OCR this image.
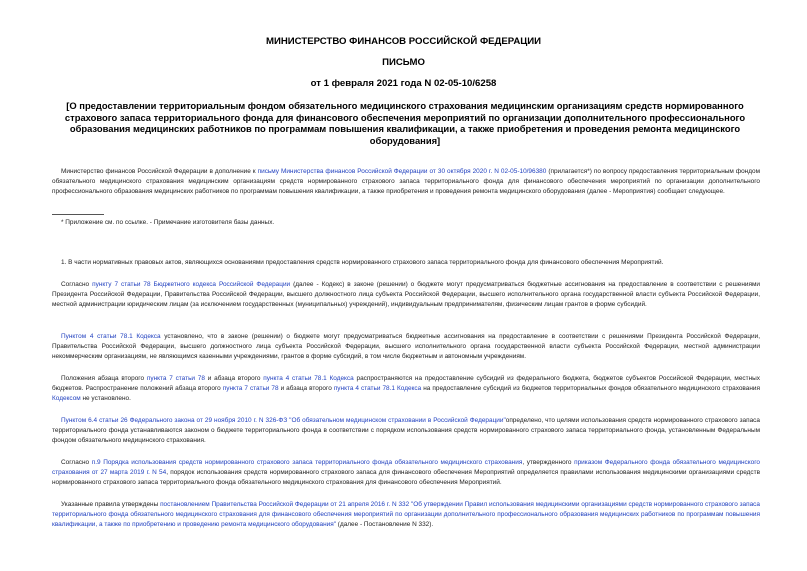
МИНИСТЕРСТВО ФИНАНСОВ РОССИЙСКОЙ ФЕДЕРАЦИИ
ПИСЬМО
от 1 февраля 2021 года N 02-05-10/6258
[О предоставлении территориальным фондом обязательного медицинского страхования медицинским организациям средств нормированного страхового запаса территориального фонда для финансового обеспечения мероприятий по организации дополнительного профессионального образования медицинских работников по программам повышения квалификации, а также приобретения и проведения ремонта медицинского оборудования]
Министерство финансов Российской Федерации в дополнение к письму Министерства финансов Российской Федерации от 30 октября 2020 г. N 02-05-10/96380 (прилагается*) по вопросу предоставления территориальным фондом обязательного медицинского страхования медицинским организациям средств нормированного страхового запаса территориального фонда для финансового обеспечения мероприятий по организации дополнительного профессионального образования медицинских работников по программам повышения квалификации, а также приобретения и проведения ремонта медицинского оборудования (далее - Мероприятия) сообщает следующее.
* Приложение см. по ссылке. - Примечание изготовителя базы данных.
1. В части нормативных правовых актов, являющихся основаниями предоставления средств нормированного страхового запаса территориального фонда для финансового обеспечения Мероприятий.
Согласно пункту 7 статьи 78 Бюджетного кодекса Российской Федерации (далее - Кодекс) в законе (решении) о бюджете могут предусматриваться бюджетные ассигнования на предоставление в соответствии с решениями Президента Российской Федерации, Правительства Российской Федерации, высшего должностного лица субъекта Российской Федерации, высшего исполнительного органа государственной власти субъекта Российской Федерации, местной администрации юридическим лицам (за исключением государственных (муниципальных) учреждений), индивидуальным предпринимателям, физическим лицам грантов в форме субсидий.
Пунктом 4 статьи 78.1 Кодекса установлено, что в законе (решении) о бюджете могут предусматриваться бюджетные ассигнования на предоставление в соответствии с решениями Президента Российской Федерации, Правительства Российской Федерации, высшего должностного лица субъекта Российской Федерации, высшего исполнительного органа государственной власти субъекта Российской Федерации, местной администрации некоммерческим организациям, не являющимся казенными учреждениями, грантов в форме субсидий, в том числе бюджетным и автономным учреждениям.
Положения абзаца второго пункта 7 статьи 78 и абзаца второго пункта 4 статьи 78.1 Кодекса распространяются на предоставление субсидий из федерального бюджета, бюджетов субъектов Российской Федерации, местных бюджетов. Распространение положений абзаца второго пункта 7 статьи 78 и абзаца второго пункта 4 статьи 78.1 Кодекса на предоставление субсидий из бюджетов территориальных фондов обязательного медицинского страхования Кодексом не установлено.
Пунктом 6.4 статьи 26 Федерального закона от 29 ноября 2010 г. N 326-ФЗ "Об обязательном медицинском страховании в Российской Федерации"определено, что целями использования средств нормированного страхового запаса территориального фонда устанавливаются законом о бюджете территориального фонда в соответствии с порядком использования средств нормированного страхового запаса территориального фонда, установленным Федеральным фондом обязательного медицинского страхования.
Согласно п.9 Порядка использования средств нормированного страхового запаса территориального фонда обязательного медицинского страхования, утвержденного приказом Федерального фонда обязательного медицинского страхования от 27 марта 2019 г. N 54, порядок использования средств нормированного страхового запаса для финансового обеспечения Мероприятий определяется правилами использования медицинскими организациями средств нормированного страхового запаса территориального фонда обязательного медицинского страхования для финансового обеспечения Мероприятий.
Указанные правила утверждены постановлением Правительства Российской Федерации от 21 апреля 2016 г. N 332 "Об утверждении Правил использования медицинскими организациями средств нормированного страхового запаса территориального фонда обязательного медицинского страхования для финансового обеспечения мероприятий по организации дополнительного профессионального образования медицинских работников по программам повышения квалификации, а также по приобретению и проведению ремонта медицинского оборудования" (далее - Постановление N 332).
